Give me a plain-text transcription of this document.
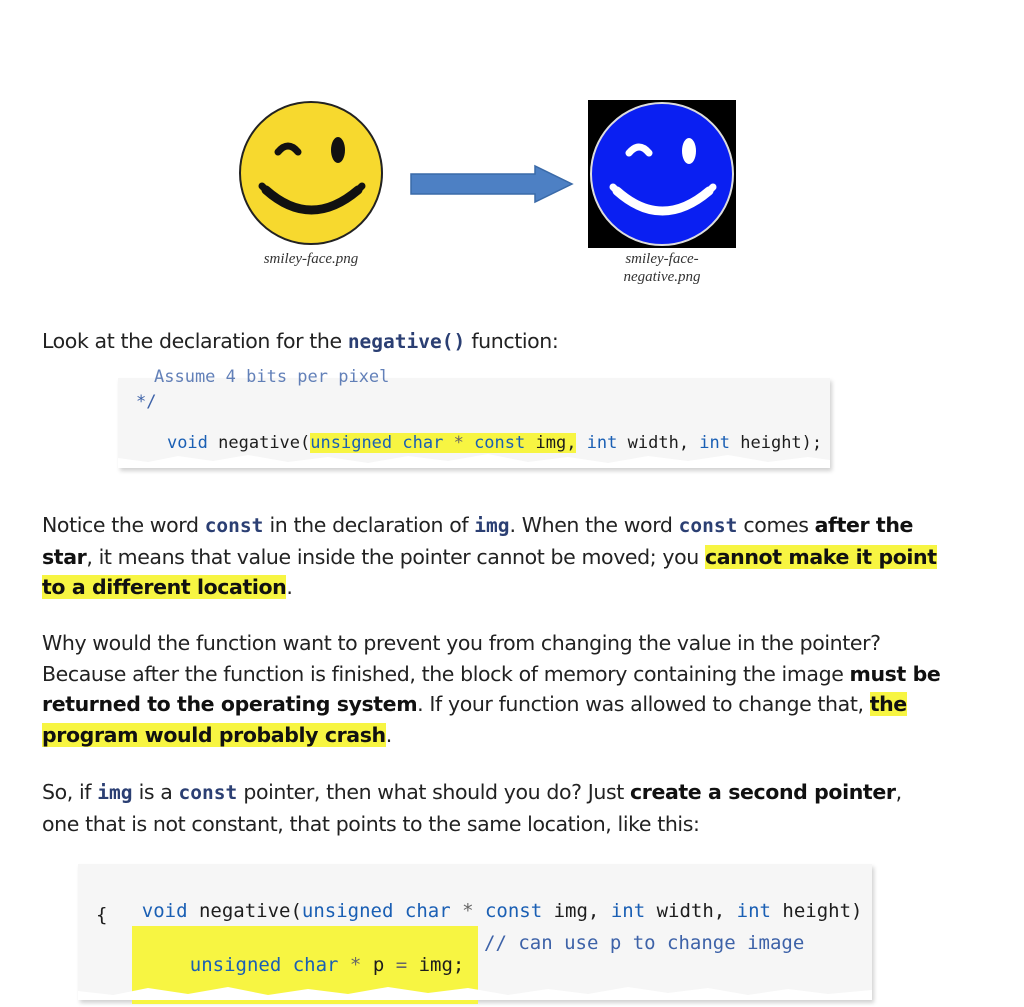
smiley-face.png	smiley-face-
negative.png
Look at the declaration for the negative() function:
Assume 4 bits per pixel
*/

void negative(unsigned char * const img, int width, int height);

Notice the word const in the declaration of img. When the word const comes after the star, it means that value inside the pointer cannot be moved; you cannot make it point to a different location.
Why would the function want to prevent you from changing the value in the pointer? Because after the function is finished, the block of memory containing the image must be returned to the operating system. If your function was allowed to change that, the program would probably crash.
So, if img is a const pointer, then what should you do? Just create a second pointer, one that is not constant, that points to the same location, like this:

void negative(unsigned char * const img, int width, int height)

{

unsigned char * p = img;

// can use p to change image
